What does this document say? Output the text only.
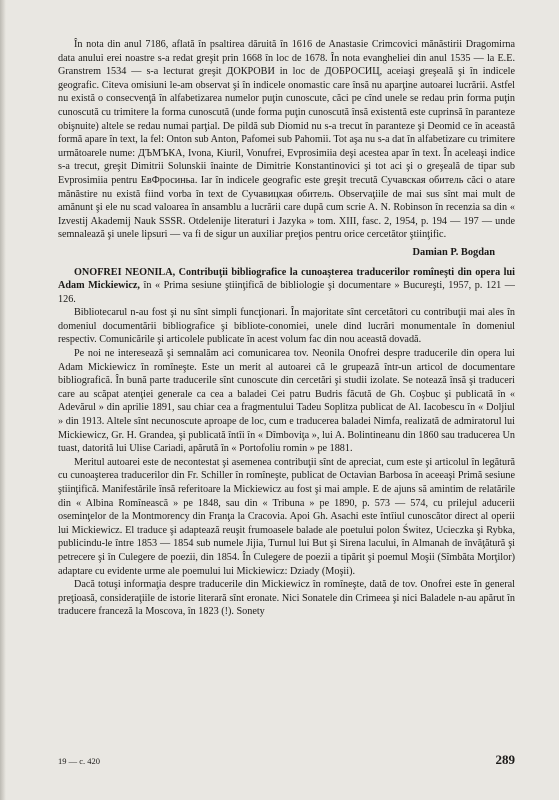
În nota din anul 7186, aflată în psaltirea dăruită în 1616 de Anastasie Crimcovici mănăstirii Dragomirna data anului erei noastre s-a redat greşit prin 1668 în loc de 1678. În nota evangheliei din anul 1535 — la E.E. Granstrem 1534 — s-a lecturat greşit ДОКРОВИ in loc de ДОБРОСИЦ, aceiaşi greşeală şi în indicele geografic. Citeva omisiuni le-am observat şi în indicele onomastic care însă nu aparţine autoarei lucrării. Astfel nu există o consecvenţă în alfabetizarea numelor puţin cunoscute, căci pe cînd unele se redau prin forma puţin cunoscută cu trimitere la forma cunoscută (unde forma puţin cunoscută însă existentă este cuprinsă în paranteze obişnuite) altele se redau numai parţial. De pildă sub Diomid nu s-a trecut în paranteze şi Deomid ce în această formă apare în text, la fel: Onton sub Anton, Pafomei sub Pahomii. Tot aşa nu s-a dat în alfabetizare cu trimitere următoarele nume: ДЪМЪКА, Ivona, Kiuril, Vonufrei, Evprosimiia deşi acestea apar în text. În aceleaşi indice s-a trecut, greşit Dimitrii Solunskii înainte de Dimitrie Konstantinovici şi tot aci şi o greşeală de tipar sub Evprosimiia pentru ЕвФросиньа. Iar în indicele geografic este greşit trecută Сучавская обитель căci o atare mănăstire nu există fiind vorba în text de Сучавицкая обитель. Observaţiile de mai sus sînt mai mult de amănunt şi ele nu scad valoarea în ansamblu a lucrării care după cum scrie A. N. Robinson în recenzia sa din « Izvestij Akademij Nauk SSSR. Otdelenije literaturi i Jazyka » tom. XIII, fasc. 2, 1954, p. 194 — 197 — unde semnalează şi unele lipsuri — va fi de sigur un auxiliar preţios pentru orice cercetător ştiinţific.

Damian P. Bogdan

ONOFREI NEONILA, Contribuţii bibliografice la cunoaşterea traducerilor romîneşti din opera lui Adam Mickiewicz, în « Prima sesiune ştiinţifică de bibliologie şi documentare » Bucureşti, 1957, p. 121 — 126.

Bibliotecarul n-au fost şi nu sînt simpli funcţionari. În majoritate sînt cercetători cu contribuţii mai ales în domeniul documentării bibliografice şi bibliote-conomiei, unele dind lucrări monumentale în domeniul respectiv. Comunicările şi articolele publicate în acest volum fac din nou această dovadă.

Pe noi ne interesează şi semnalăm aci comunicarea tov. Neonila Onofrei despre traducerile din opera lui Adam Mickiewicz în romîneşte. Este un merit al autoarei că le grupează într-un articol de documentare bibliografică. În bună parte traducerile sînt cunoscute din cercetări şi studii izolate. Se notează însă şi traduceri care au scăpat atenţiei generale ca cea a baladei Cei patru Budris făcută de Gh. Coşbuc şi publicată în « Adevărul » din aprilie 1891, sau chiar cea a fragmentului Tadeu Soplitza publicat de Al. Iacobescu în « Doljiul » din 1913. Altele sînt necunoscute aproape de loc, cum e traducerea baladei Nimfa, realizată de admiratorul lui Mickiewicz, Gr. H. Grandea, şi publicată întîi în « Dîmboviţa », lui A. Bolintineanu din 1860 sau traducerea Un tuast, datorită lui Ulise Cariadi, apărută în « Portofoliu romin » pe 1881.

Meritul autoarei este de necontestat şi asemenea contribuţii sînt de apreciat, cum este şi articolul în legătură cu cunoaşterea traducerilor din Fr. Schiller în romîneşte, publicat de Octavian Barbosa în aceeaşi Primă sesiune ştiinţifică. Manifestările însă referitoare la Mickiewicz au fost şi mai ample. E de ajuns să amintim de relatările din « Albina Romînească » pe 1848, sau din « Tribuna » pe 1890, p. 573 — 574, cu prilejul aducerii oseminţelor de la Montmorency din Franţa la Cracovia. Apoi Gh. Asachi este întîiul cunoscător direct al operii lui Mickiewicz. El traduce şi adaptează reuşit frumoasele balade ale poetului polon Świtez, Ucieczka şi Rybka, publicindu-le între 1853 — 1854 sub numele Jijia, Turnul lui But şi Sirena lacului, în Almanah de învăţătură şi petrecere şi în Culegere de poezii, din 1854. În Culegere de poezii a tipărit şi poemul Moşii (Sîmbăta Morţilor) adaptare cu evidente urme ale poemului lui Mickiewicz: Dziady (Moşii).

Dacă totuşi informaţia despre traducerile din Mickiewicz în romîneşte, dată de tov. Onofrei este în general preţioasă, consideraţiile de istorie literară sînt eronate. Nici Sonatele din Crimeea şi nici Baladele n-au apărut în traducere franceză la Moscova, în 1823 (!). Sonety

19 — c. 420	289
